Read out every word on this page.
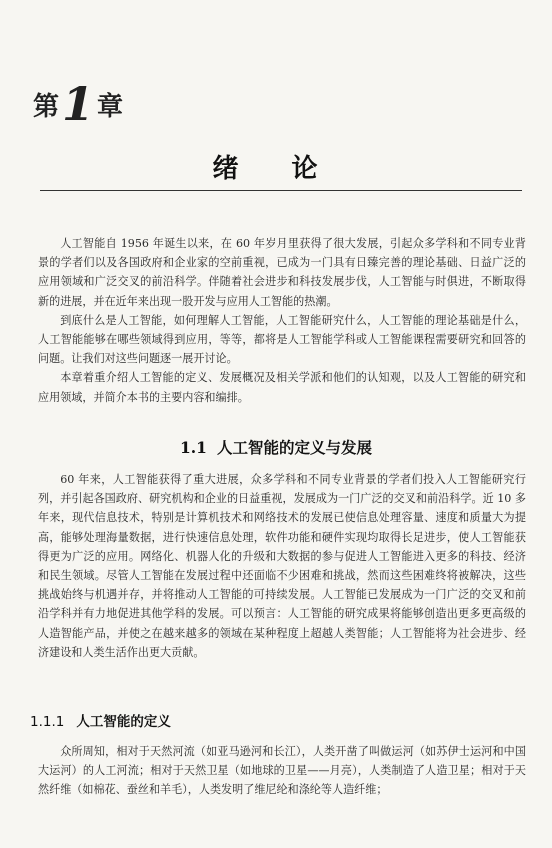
第1章
绪 论

人工智能自 1956 年诞生以来，在 60 年岁月里获得了很大发展，引起众多学科和不同专业背景的学者们以及各国政府和企业家的空前重视，已成为一门具有日臻完善的理论基础、日益广泛的应用领域和广泛交叉的前沿科学。伴随着社会进步和科技发展步伐，人工智能与时俱进，不断取得新的进展，并在近年来出现一股开发与应用人工智能的热潮。

到底什么是人工智能，如何理解人工智能，人工智能研究什么，人工智能的理论基础是什么，人工智能能够在哪些领域得到应用，等等，都将是人工智能学科或人工智能课程需要研究和回答的问题。让我们对这些问题逐一展开讨论。

本章着重介绍人工智能的定义、发展概况及相关学派和他们的认知观，以及人工智能的研究和应用领域，并简介本书的主要内容和编排。

1.1 人工智能的定义与发展

60 年来，人工智能获得了重大进展，众多学科和不同专业背景的学者们投入人工智能研究行列，并引起各国政府、研究机构和企业的日益重视，发展成为一门广泛的交叉和前沿科学。近 10 多年来，现代信息技术，特别是计算机技术和网络技术的发展已使信息处理容量、速度和质量大为提高，能够处理海量数据，进行快速信息处理，软件功能和硬件实现均取得长足进步，使人工智能获得更为广泛的应用。网络化、机器人化的升级和大数据的参与促进人工智能进入更多的科技、经济和民生领域。尽管人工智能在发展过程中还面临不少困难和挑战，然而这些困难终将被解决，这些挑战始终与机遇并存，并将推动人工智能的可持续发展。人工智能已发展成为一门广泛的交叉和前沿学科并有力地促进其他学科的发展。可以预言：人工智能的研究成果将能够创造出更多更高级的人造智能产品，并使之在越来越多的领域在某种程度上超越人类智能；人工智能将为社会进步、经济建设和人类生活作出更大贡献。

1.1.1 人工智能的定义

众所周知，相对于天然河流（如亚马逊河和长江），人类开凿了叫做运河（如苏伊士运河和中国大运河）的人工河流；相对于天然卫星（如地球的卫星——月亮），人类制造了人造卫星；相对于天然纤维（如棉花、蚕丝和羊毛），人类发明了维尼纶和涤纶等人造纤维；
